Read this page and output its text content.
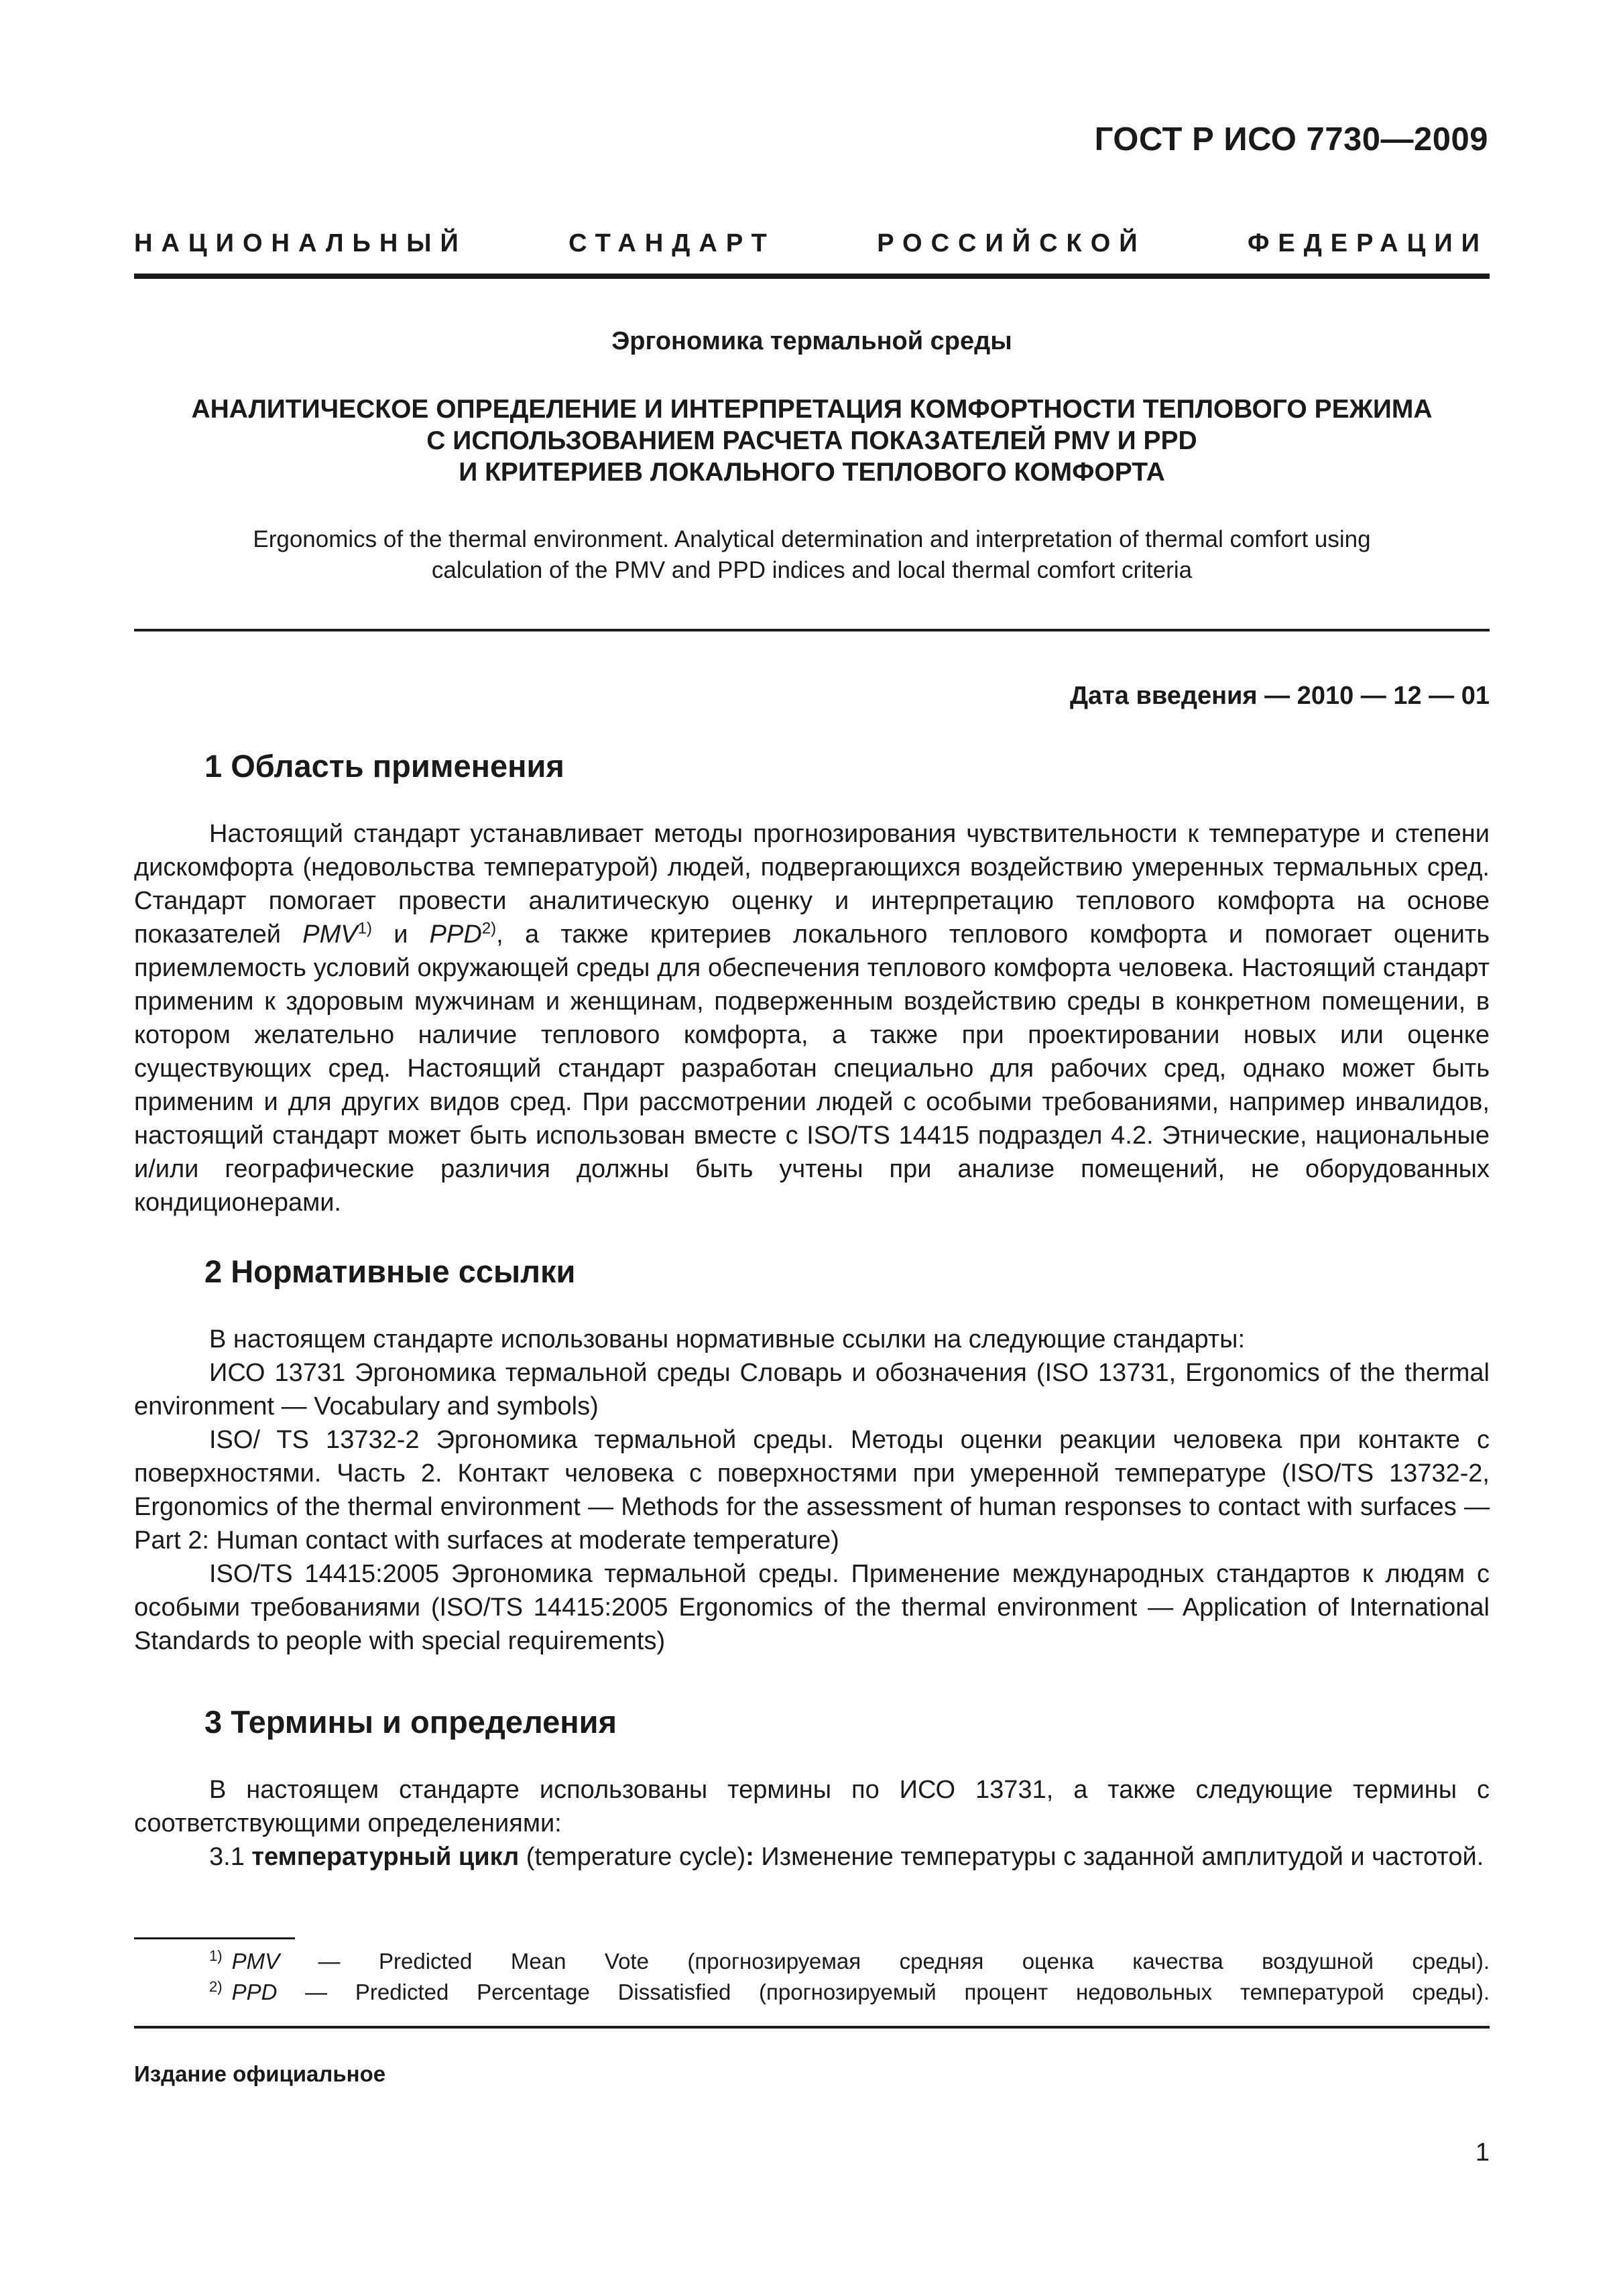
ГОСТ Р ИСО 7730—2009
НАЦИОНАЛЬНЫЙ	СТАНДАРТ	РОССИЙСКОЙ	ФЕДЕРАЦИИ
Эргономика термальной среды
АНАЛИТИЧЕСКОЕ ОПРЕДЕЛЕНИЕ И ИНТЕРПРЕТАЦИЯ КОМФОРТНОСТИ ТЕПЛОВОГО РЕЖИМА
С ИСПОЛЬЗОВАНИЕМ РАСЧЕТА ПОКАЗАТЕЛЕЙ PMV И PPD
И КРИТЕРИЕВ ЛОКАЛЬНОГО ТЕПЛОВОГО КОМФОРТА
Ergonomics of the thermal environment. Analytical determination and interpretation of thermal comfort using
calculation of the PMV and PPD indices and local thermal comfort criteria
Дата введения — 2010 — 12 — 01
1 Область применения

Настоящий стандарт устанавливает методы прогнозирования чувствительности к температуре и степени дискомфорта (недовольства температурой) людей, подвергающихся воздействию умеренных термальных сред. Стандарт помогает провести аналитическую оценку и интерпретацию теплового комфорта на основе показателей PMV$^{1)}$ и PPD$^{2)}$, а также критериев локального теплового комфорта и помогает оценить приемлемость условий окружающей среды для обеспечения теплового комфорта человека. Настоящий стандарт применим к здоровым мужчинам и женщинам, подверженным воздействию среды в конкретном помещении, в котором желательно наличие теплового комфорта, а также при проектировании новых или оценке существующих сред. Настоящий стандарт разработан специально для рабочих сред, однако может быть применим и для других видов сред. При рассмотрении людей с особыми требованиями, например инвалидов, настоящий стандарт может быть использован вместе с ISO/TS 14415 подраздел 4.2. Этнические, национальные и/или географические различия должны быть учтены при анализе помещений, не оборудованных кондиционерами.

2 Нормативные ссылки

В настоящем стандарте использованы нормативные ссылки на следующие стандарты:

ИСО 13731 Эргономика термальной среды Словарь и обозначения (ISO 13731, Ergonomics of the thermal environment — Vocabulary and symbols)

ISO/ TS 13732-2 Эргономика термальной среды. Методы оценки реакции человека при контакте с поверхностями. Часть 2. Контакт человека с поверхностями при умеренной температуре (ISO/TS 13732-2, Ergonomics of the thermal environment — Methods for the assessment of human responses to contact with surfaces — Part 2: Human contact with surfaces at moderate temperature)

ISO/TS 14415:2005 Эргономика термальной среды. Применение международных стандартов к людям с особыми требованиями (ISO/TS 14415:2005 Ergonomics of the thermal environment — Application of International Standards to people with special requirements)

3 Термины и определения

В настоящем стандарте использованы термины по ИСО 13731, а также следующие термины с соответствующими определениями:

3.1 температурный цикл (temperature cycle): Изменение температуры с заданной амплитудой и частотой.

$^{1)}$ PMV — Predicted Mean Vote (прогнозируемая средняя оценка качества воздушной среды).

$^{2)}$ PPD — Predicted Percentage Dissatisfied (прогнозируемый процент недовольных температурой среды).

Издание официальное
1
